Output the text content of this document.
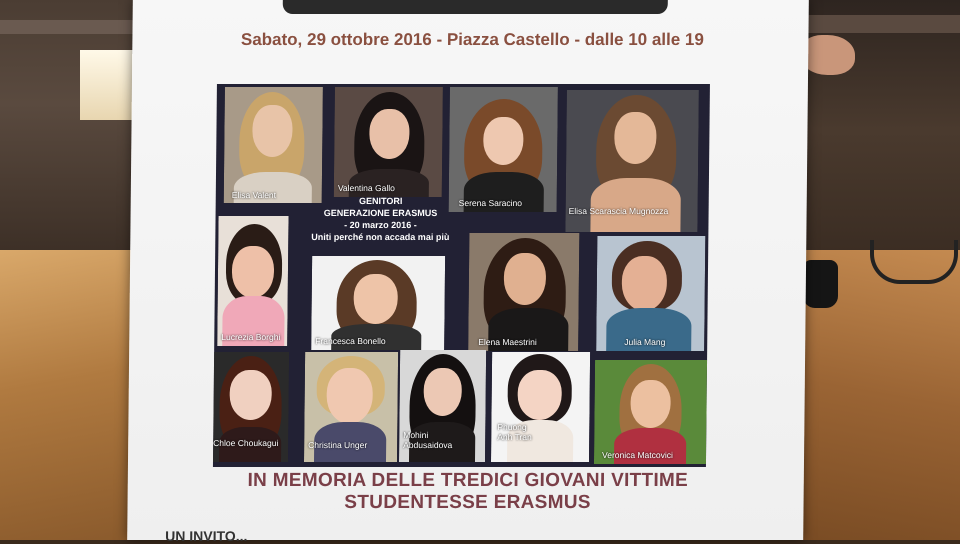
Sabato, 29 ottobre 2016 - Piazza Castello - dalle 10 alle 19
Elisa Valent
Valentina Gallo
Serena Saracino
Elisa Scarascia Mugnozza
GENITORI
GENERAZIONE ERASMUS
- 20 marzo 2016 -
Uniti perché non accada mai più
Lucrezia Borghi	Francesca Bonello	Elena Maestrini	Julia Mang
Chloe Choukagui	Christina Unger
Mohini Abdusaidova
Phuong Anh Tran
Veronica Matcovici
IN MEMORIA DELLE TREDICI GIOVANI VITTIME
STUDENTESSE ERASMUS
UN INVITO...
